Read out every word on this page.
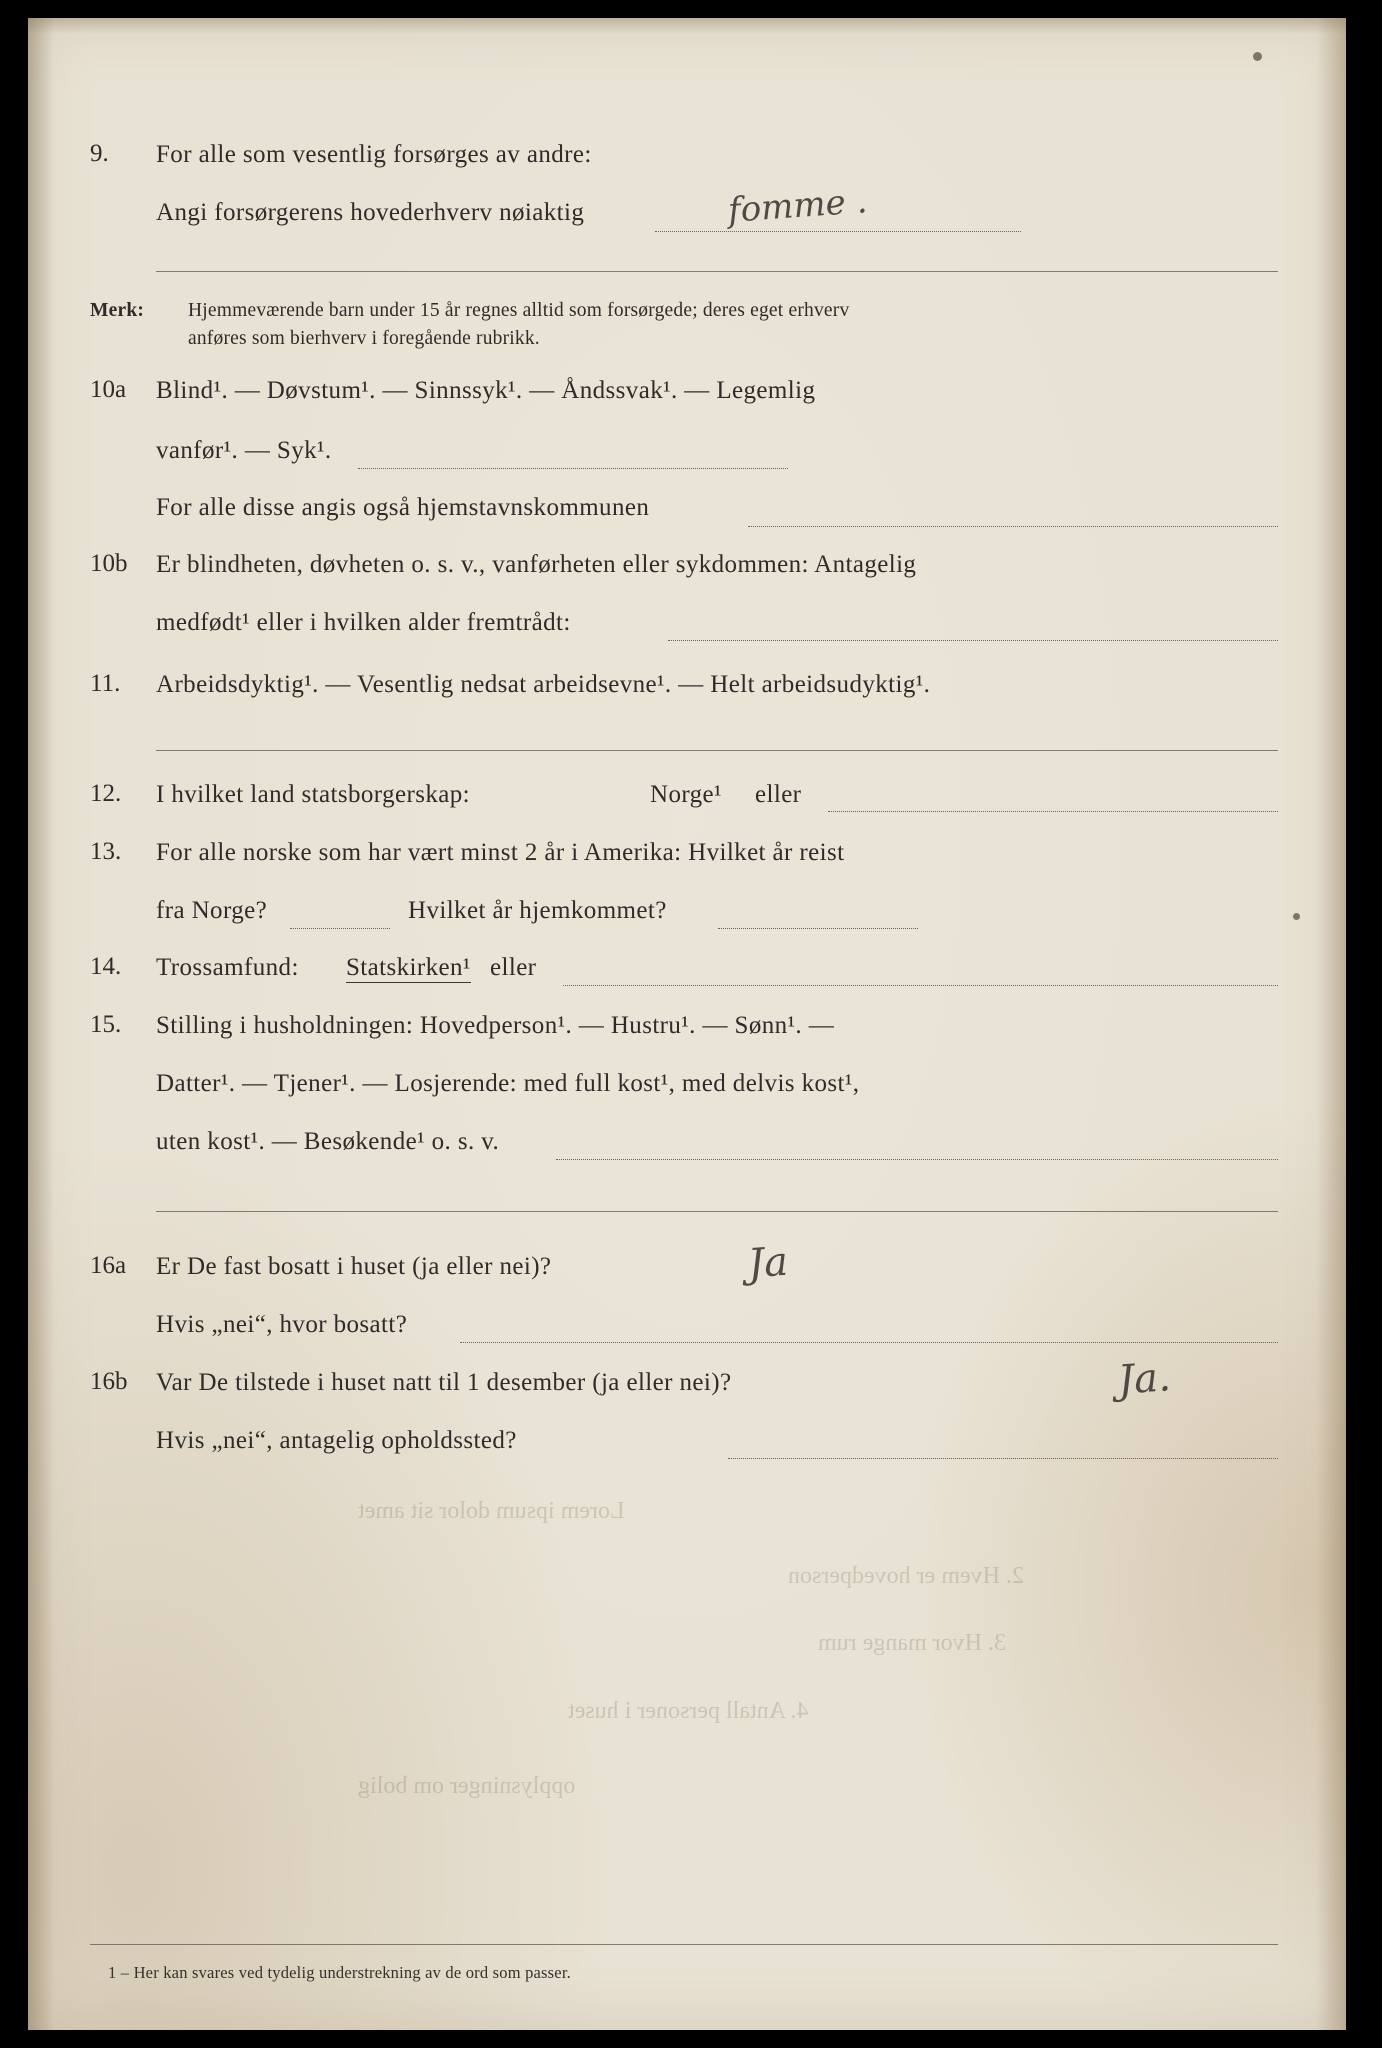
9. For alle som vesentlig forsørges av andre:
Angi forsørgerens hovederhverv nøiaktig	fomme .
Merk: Hjemmeværende barn under 15 år regnes alltid som forsørgede; deres eget erhverv
anføres som bierhverv i foregående rubrikk.
10a Blind¹. — Døvstum¹. — Sinnssyk¹. — Åndssvak¹. — Legemlig
vanfør¹. — Syk¹.
For alle disse angis også hjemstavnskommunen
10b Er blindheten, døvheten o. s. v., vanførheten eller sykdommen: Antagelig
medfødt¹ eller i hvilken alder fremtrådt:
11. Arbeidsdyktig¹. — Vesentlig nedsat arbeidsevne¹. — Helt arbeidsudyktig¹.
12. I hvilket land statsborgerskap:	Norge¹ eller
13. For alle norske som har vært minst 2 år i Amerika: Hvilket år reist
fra Norge?	Hvilket år hjemkommet?
14. Trossamfund: Statskirken¹ eller
15. Stilling i husholdningen: Hovedperson¹. — Hustru¹. — Sønn¹. —
Datter¹. — Tjener¹. — Losjerende: med full kost¹, med delvis kost¹,
uten kost¹. — Besøkende¹ o. s. v.
16a Er De fast bosatt i huset (ja eller nei)?	Ja
Hvis „nei“, hvor bosatt?
16b Var De tilstede i huset natt til 1 desember (ja eller nei)?	Ja.
Hvis „nei“, antagelig opholdssted?
Lorem ipsum dolor sit amet
2. Hvem er hovedperson
3. Hvor mange rum
4. Antall personer i huset
opplysninger om bolig
1 – Her kan svares ved tydelig understrekning av de ord som passer.
